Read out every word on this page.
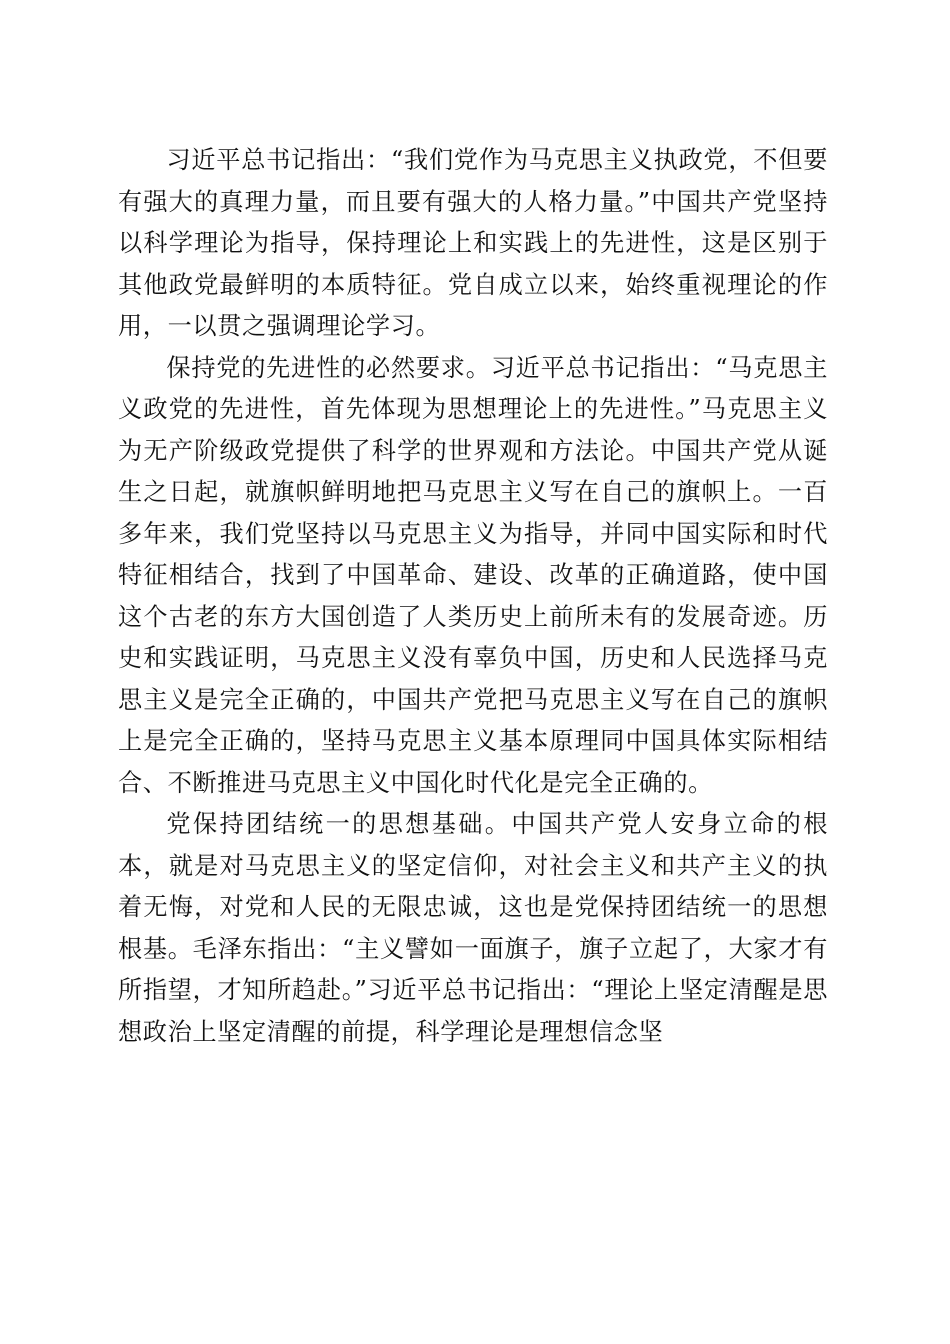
习近平总书记指出：“我们党作为马克思主义执政党，不但要有强大的真理力量，而且要有强大的人格力量。”中国共产党坚持以科学理论为指导，保持理论上和实践上的先进性，这是区别于其他政党最鲜明的本质特征。党自成立以来，始终重视理论的作用，一以贯之强调理论学习。

保持党的先进性的必然要求。习近平总书记指出：“马克思主义政党的先进性，首先体现为思想理论上的先进性。”马克思主义为无产阶级政党提供了科学的世界观和方法论。中国共产党从诞生之日起，就旗帜鲜明地把马克思主义写在自己的旗帜上。一百多年来，我们党坚持以马克思主义为指导，并同中国实际和时代特征相结合，找到了中国革命、建设、改革的正确道路，使中国这个古老的东方大国创造了人类历史上前所未有的发展奇迹。历史和实践证明，马克思主义没有辜负中国，历史和人民选择马克思主义是完全正确的，中国共产党把马克思主义写在自己的旗帜上是完全正确的，坚持马克思主义基本原理同中国具体实际相结合、不断推进马克思主义中国化时代化是完全正确的。

党保持团结统一的思想基础。中国共产党人安身立命的根本，就是对马克思主义的坚定信仰，对社会主义和共产主义的执着无悔，对党和人民的无限忠诚，这也是党保持团结统一的思想根基。毛泽东指出：“主义譬如一面旗子，旗子立起了，大家才有所指望，才知所趋赴。”习近平总书记指出：“理论上坚定清醒是思想政治上坚定清醒的前提，科学理论是理想信念坚
